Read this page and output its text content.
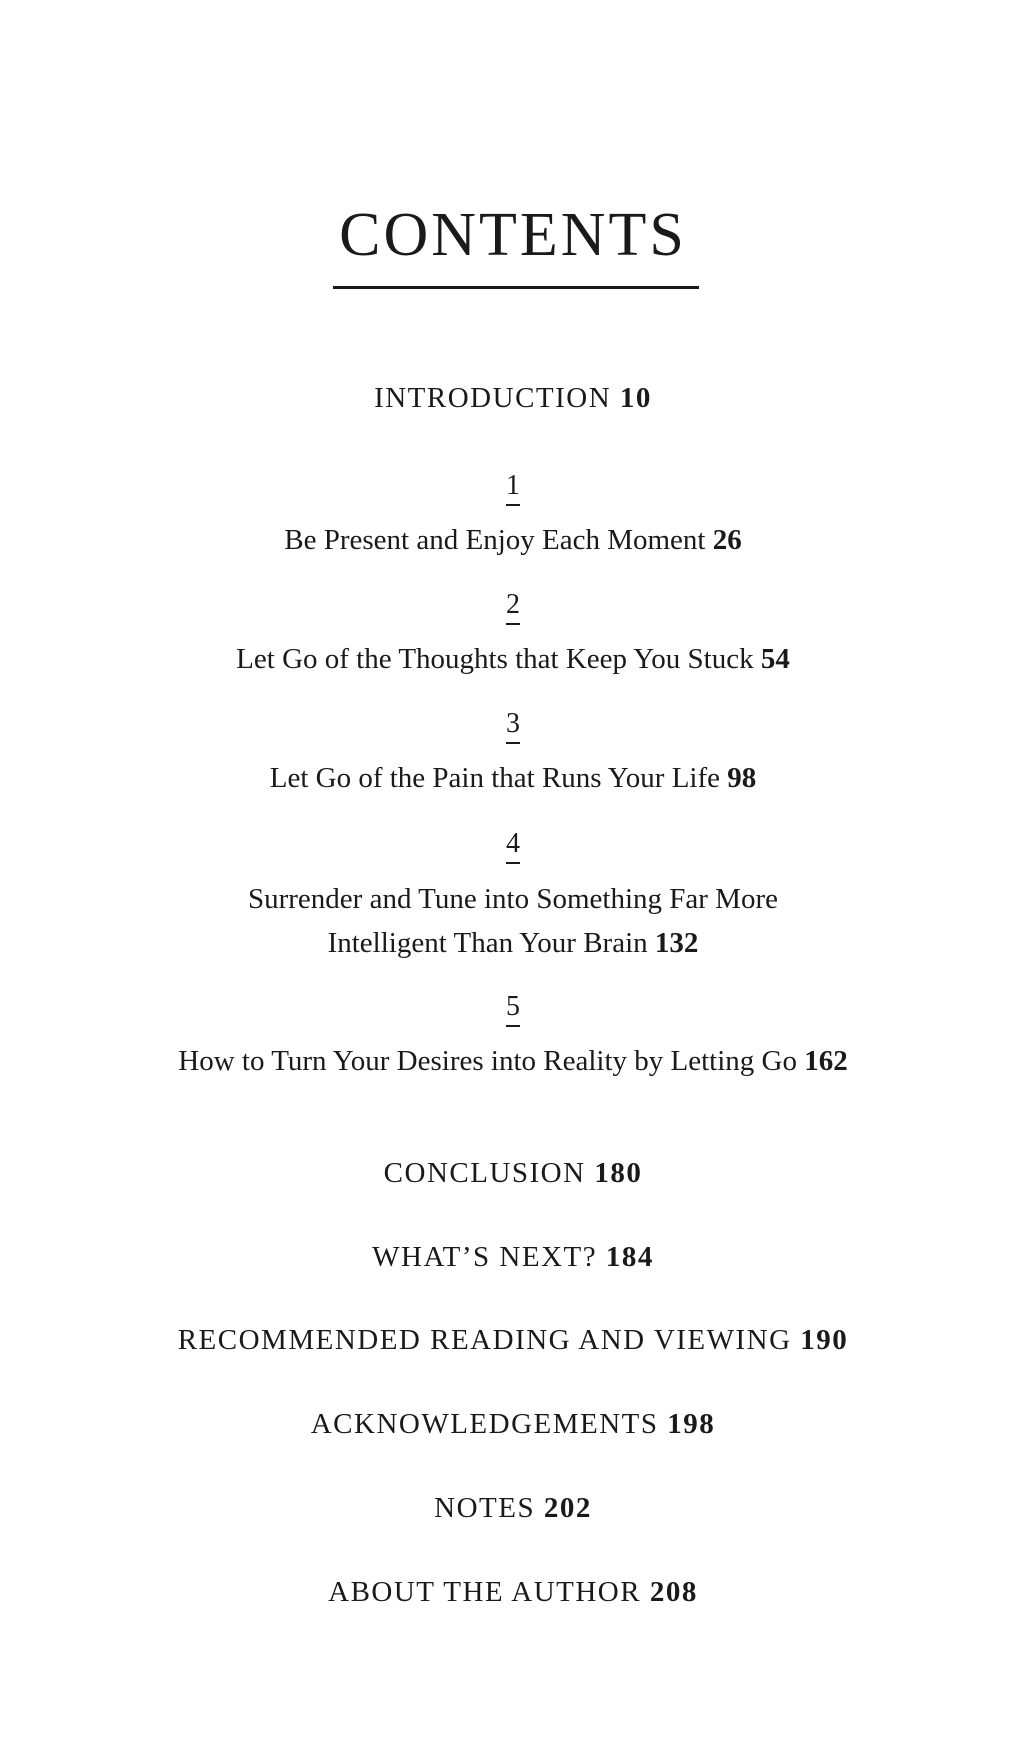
CONTENTS
INTRODUCTION 10
1
Be Present and Enjoy Each Moment 26
2
Let Go of the Thoughts that Keep You Stuck 54
3
Let Go of the Pain that Runs Your Life 98
4
Surrender and Tune into Something Far More
Intelligent Than Your Brain 132
5
How to Turn Your Desires into Reality by Letting Go 162
CONCLUSION 180
WHAT’S NEXT? 184
RECOMMENDED READING AND VIEWING 190
ACKNOWLEDGEMENTS 198
NOTES 202
ABOUT THE AUTHOR 208
